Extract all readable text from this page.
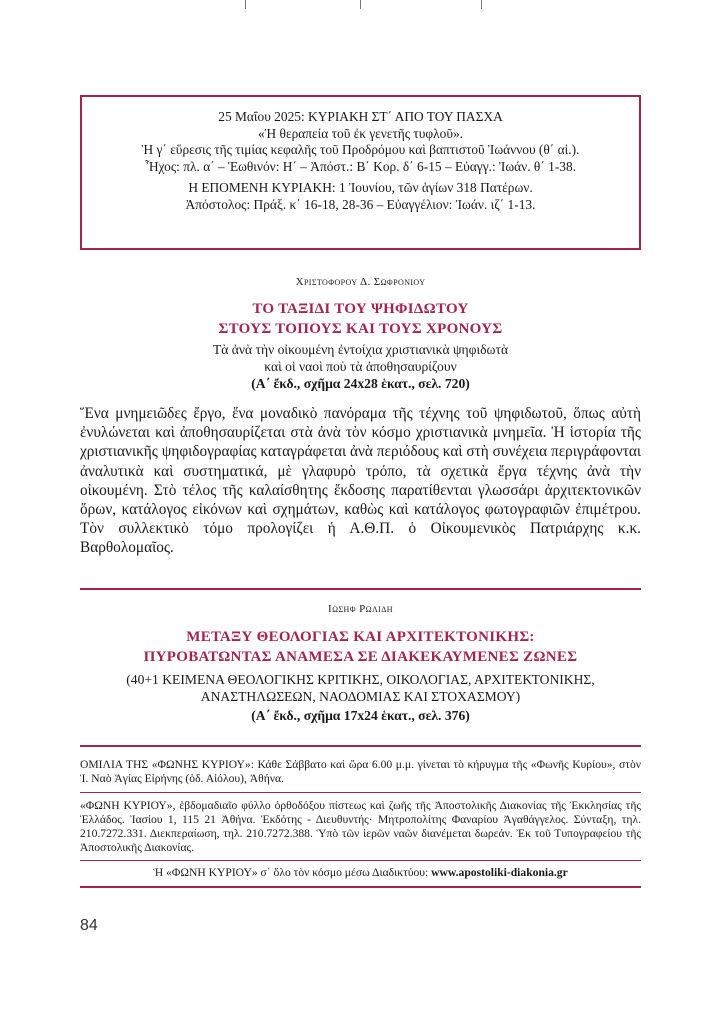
25 Μαΐου 2025: ΚΥΡΙΑΚΗ ΣΤ΄ ΑΠΟ ΤΟΥ ΠΑΣΧΑ

«Ἡ θεραπεία τοῦ ἐκ γενετῆς τυφλοῦ».

Ἡ γ΄ εὕρεσις τῆς τιμίας κεφαλῆς τοῦ Προδρόμου καὶ βαπτιστοῦ Ἰωάννου (θ΄ αἰ.).

Ἦχος: πλ. α΄ – Ἑωθινόν: Η΄ – Ἀπόστ.: Β΄ Κορ. δ΄ 6-15 – Εὐαγγ.: Ἰωάν. θ΄ 1-38.

Η ΕΠΟΜΕΝΗ ΚΥΡΙΑΚΗ: 1 Ἰουνίου, τῶν ἁγίων 318 Πατέρων.

Ἀπόστολος: Πράξ. κ΄ 16-18, 28-36 – Εὐαγγέλιον: Ἰωάν. ιζ΄ 1-13.

Χριστοφορου Δ. Σωφρονιου
ΤΟ ΤΑΞΙΔΙ ΤΟΥ ΨΗΦΙΔΩΤΟΥ
ΣΤΟΥΣ ΤΟΠΟΥΣ ΚΑΙ ΤΟΥΣ ΧΡΟΝΟΥΣ
Τὰ ἀνὰ τὴν οἰκουμένη ἐντοίχια χριστιανικὰ ψηφιδωτὰ
καὶ οἱ ναοὶ ποὺ τὰ ἀποθησαυρίζουν
(Α΄ ἔκδ., σχῆμα 24x28 ἑκατ., σελ. 720)

Ἕνα μνημειῶδες ἔργο, ἕνα μοναδικὸ πανόραμα τῆς τέχνης τοῦ ψηφιδωτοῦ, ὅπως αὐτὴ ἐνυλώνεται καὶ ἀποθησαυρίζεται στὰ ἀνὰ τὸν κόσμο χριστιανικὰ μνημεῖα. Ἡ ἱστορία τῆς χριστιανικῆς ψηφιδογραφίας καταγράφεται ἀνὰ περιόδους καὶ στὴ συνέχεια περιγράφονται ἀναλυτικὰ καὶ συστηματικά, μὲ γλαφυρὸ τρόπο, τὰ σχετικὰ ἔργα τέχνης ἀνὰ τὴν οἰκουμένη. Στὸ τέλος τῆς καλαίσθητης ἔκδοσης παρατίθενται γλωσσάρι ἀρχιτεκτονικῶν ὅρων, κατάλογος εἰκόνων καὶ σχημάτων, καθὼς καὶ κατάλογος φωτογραφιῶν ἐπιμέτρου. Τὸν συλλεκτικὸ τόμο προλογίζει ἡ Α.Θ.Π. ὁ Οἰκουμενικὸς Πατριάρχης κ.κ. Βαρθολομαῖος.

Ιωσηφ Ρωλιδη
ΜΕΤΑΞΥ ΘΕΟΛΟΓΙΑΣ ΚΑΙ ΑΡΧΙΤΕΚΤΟΝΙΚΗΣ:
ΠΥΡΟΒΑΤΩΝΤΑΣ ΑΝΑΜΕΣΑ ΣΕ ΔΙΑΚΕΚΑΥΜΕΝΕΣ ΖΩΝΕΣ
(40+1 ΚΕΙΜΕΝΑ ΘΕΟΛΟΓΙΚΗΣ ΚΡΙΤΙΚΗΣ, ΟΙΚΟΛΟΓΙΑΣ, ΑΡΧΙΤΕΚΤΟΝΙΚΗΣ,
ΑΝΑΣΤΗΛΩΣΕΩΝ, ΝΑΟΔΟΜΙΑΣ ΚΑΙ ΣΤΟΧΑΣΜΟΥ)
(Α΄ ἔκδ., σχῆμα 17x24 ἑκατ., σελ. 376)

ΟΜΙΛΙΑ ΤΗΣ «ΦΩΝΗΣ ΚΥΡΙΟΥ»: Κάθε Σάββατο καὶ ὥρα 6.00 μ.μ. γίνεται τὸ κήρυγμα τῆς «Φωνῆς Κυρίου», στὸν Ἱ. Ναὸ Ἁγίας Εἰρήνης (ὁδ. Αἰόλου), Ἀθήνα.

«ΦΩΝΗ ΚΥΡΙΟΥ», ἑβδομαδιαῖο φύλλο ὀρθοδόξου πίστεως καὶ ζωῆς τῆς Ἀποστολικῆς Διακονίας τῆς Ἐκκλησίας τῆς Ἑλλάδος. Ἰασίου 1, 115 21 Ἀθήνα. Ἐκδότης - Διευθυντής· Μητροπολίτης Φαναρίου Ἀγαθάγγελος. Σύνταξη, τηλ. 210.7272.331. Διεκπεραίωση, τηλ. 210.7272.388. Ὑπὸ τῶν ἱερῶν ναῶν διανέμεται δωρεάν. Ἐκ τοῦ Τυπογραφείου τῆς Ἀποστολικῆς Διακονίας.

Ἡ «ΦΩΝΗ ΚΥΡΙΟΥ» σ΄ ὅλο τὸν κόσμο μέσω Διαδικτύου: www.apostoliki-diakonia.gr
84
